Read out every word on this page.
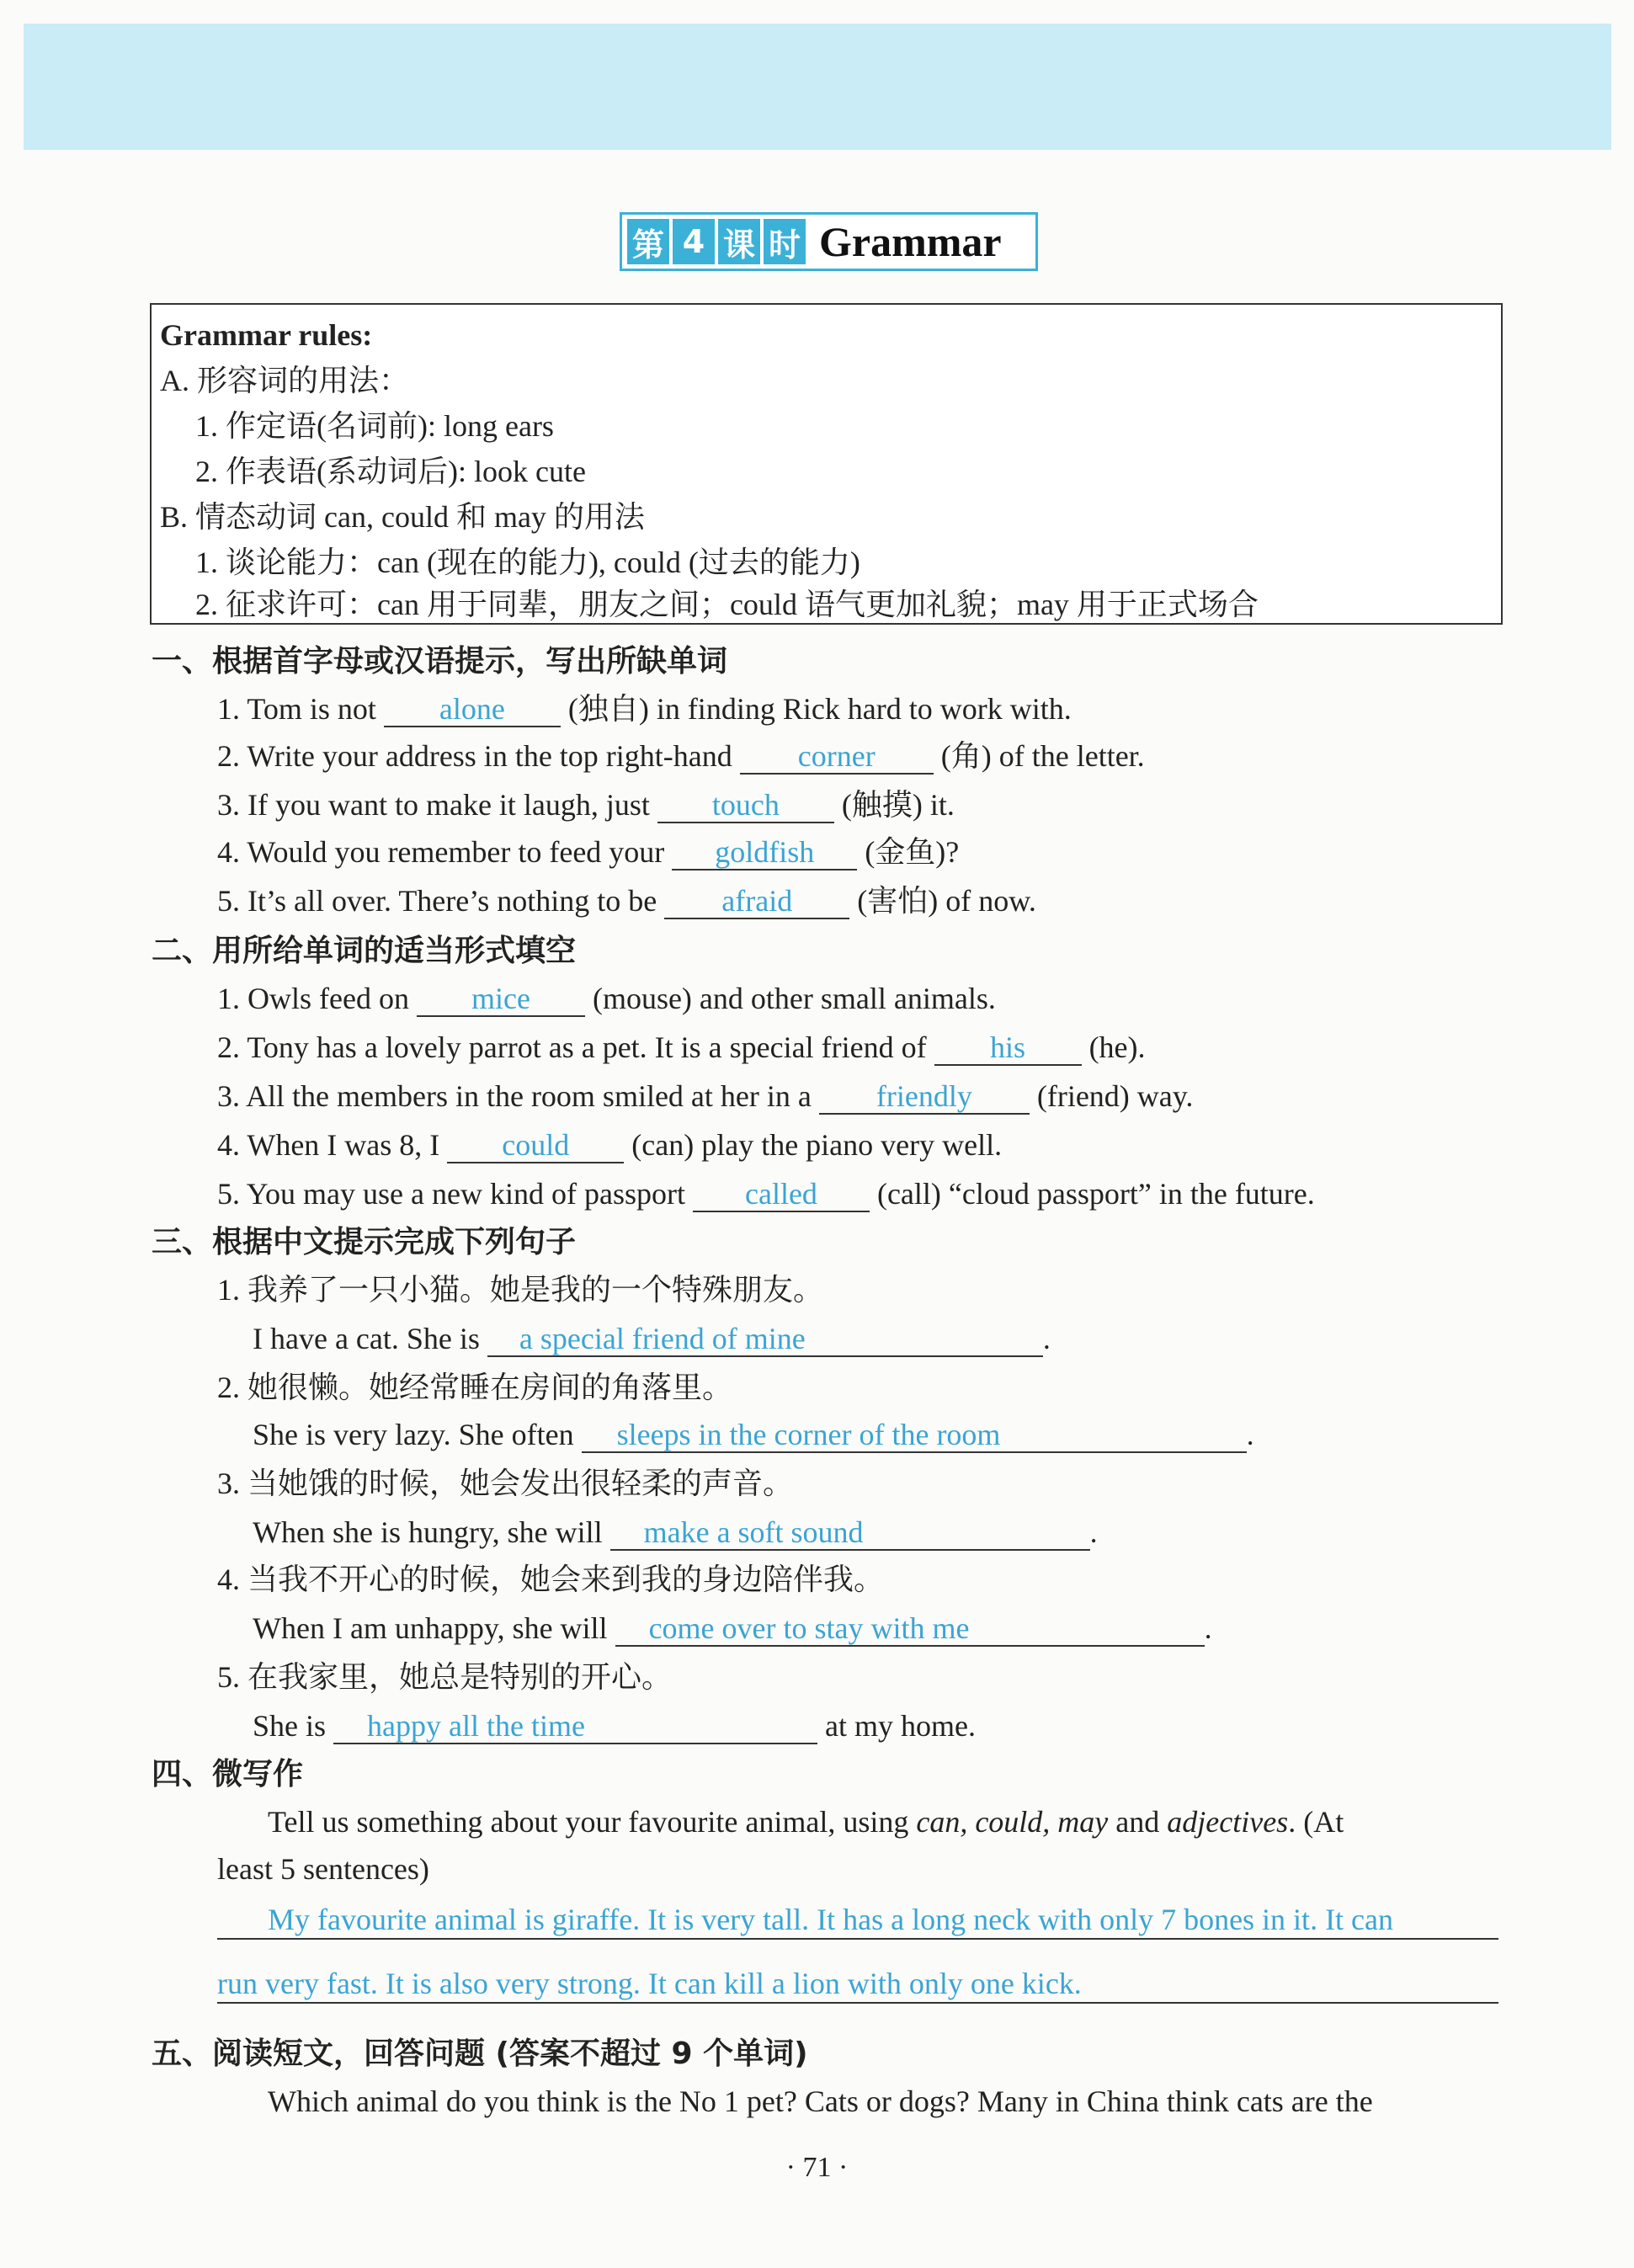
第 4 课 时 Grammar
Grammar rules:
A. 形容词的用法：
1. 作定语(名词前): long ears
2. 作表语(系动词后): look cute
B. 情态动词 can, could 和 may 的用法
1. 谈论能力：can (现在的能力), could (过去的能力)
2. 征求许可：can 用于同辈，朋友之间；could 语气更加礼貌；may 用于正式场合
一、根据首字母或汉语提示，写出所缺单词
1. Tom is not alone (独自) in finding Rick hard to work with.
2. Write your address in the top right-hand corner (角) of the letter.
3. If you want to make it laugh, just touch (触摸) it.
4. Would you remember to feed your goldfish (金鱼)?
5. It’s all over. There’s nothing to be afraid (害怕) of now.
二、用所给单词的适当形式填空
1. Owls feed on mice (mouse) and other small animals.
2. Tony has a lovely parrot as a pet. It is a special friend of his (he).
3. All the members in the room smiled at her in a friendly (friend) way.
4. When I was 8, I could (can) play the piano very well.
5. You may use a new kind of passport called (call) “cloud passport” in the future.
三、根据中文提示完成下列句子
1. 我养了一只小猫。她是我的一个特殊朋友。
I have a cat. She is a special friend of mine	.
2. 她很懒。她经常睡在房间的角落里。
She is very lazy. She often sleeps in the corner of the room	.
3. 当她饿的时候，她会发出很轻柔的声音。
When she is hungry, she will make a soft sound	.
4. 当我不开心的时候，她会来到我的身边陪伴我。
When I am unhappy, she will come over to stay with me	.
5. 在我家里，她总是特别的开心。
She is happy all the time	at my home.
四、微写作
Tell us something about your favourite animal, using can, could, may and adjectives. (At
least 5 sentences)
My favourite animal is giraffe. It is very tall. It has a long neck with only 7 bones in it. It can
run very fast. It is also very strong. It can kill a lion with only one kick.
五、阅读短文，回答问题 (答案不超过 9 个单词)
Which animal do you think is the No 1 pet? Cats or dogs? Many in China think cats are the
· 71 ·
